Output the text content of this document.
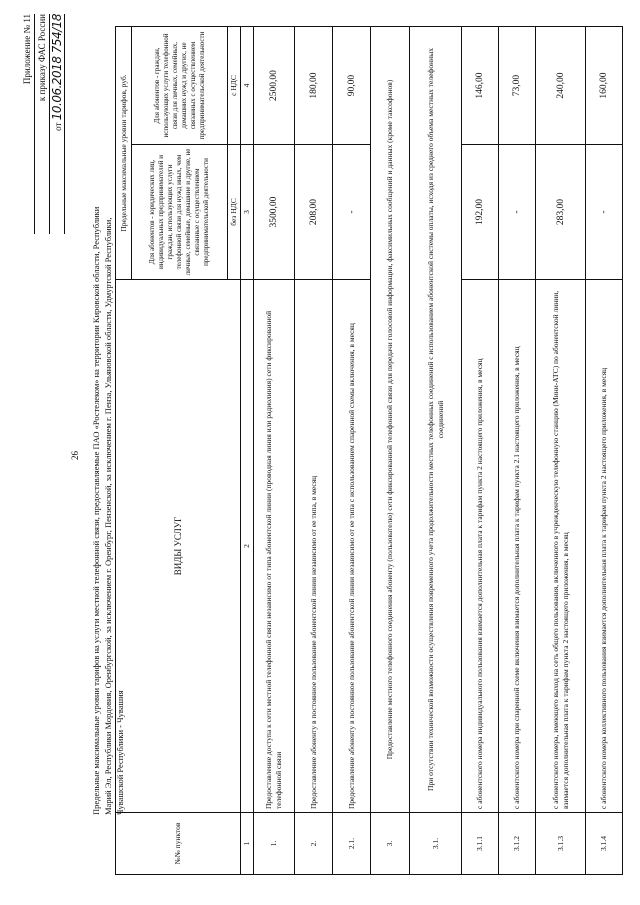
26
Приложение № 11 к приказу ФАС России
от 10.06.2018 754/18
Предельные максимальные уровни тарифов на услуги местной телефонной связи, предоставляемые ПАО «Ростелеком» на территории Кировской области, Республики Марий Эл, Республики Мордовия, Оренбургской, за исключением г. Оренбург, Пензенской, за исключением г. Пенза, Ульяновской области, Удмуртской Республики, Чувашской Республики - Чувашия
№№ пунктов	ВИДЫ УСЛУГ	Предельные максимальные уровни тарифов, руб.	
		Для абонентов - юридических лиц, индивидуальных предпринимателей и граждан, использующих услуги телефонной связи для нужд иных, чем личные, семейные, домашние и другие, не связанные с осуществлением предпринимательской деятельности	Для абонентов - граждан, использующих услуги телефонной связи для личных, семейных, домашних нужд и других, не связанных с осуществлением предпринимательской деятельности
		без НДС	с НДС
1	2	3	4
1.	Предоставление доступа к сети местной телефонной связи независимо от типа абонентской линии (проводная линия или радиолиния) сети фиксированной телефонной связи	3500,00	2500,00
2.	Предоставление абоненту в постоянное пользование абонентской линии независимо от ее типа, в месяц	208,00	180,00
2.1.	Предоставление абоненту в постоянное пользование абонентской линии независимо от ее типа с использованием спаренной схемы включения, в месяц	-	90,00
3.	Предоставление местного телефонного соединения абоненту (пользователю) сети фиксированной телефонной связи для передачи голосовой информации, факсимильных сообщений и данных (кроме таксофонов)		
3.1.	При отсутствии технической возможности осуществления повременного учета продолжительности местных телефонных соединений с использованием абонентской системы оплаты, исходя из среднего объема местных телефонных соединений		
3.1.1	с абонентского номера индивидуального пользования взимается дополнительная плата к тарифам пункта 2 настоящего приложения, в месяц	192,00	146,00
3.1.2	с абонентского номера при спаренной схеме включения взимается дополнительная плата к тарифам пункта 2.1 настоящего приложения, в месяц	-	73,00
3.1.3	с абонентского номера, имеющего выход на сеть общего пользования, включенного в учрежденческую телефонную станцию (Мини-АТС) по абонентской линии, взимается дополнительная плата к тарифам пункта 2 настоящего приложения, в месяц	283,00	240,00
3.1.4	с абонентского номера коллективного пользования взимается дополнительная плата к тарифам пункта 2 настоящего приложения, в месяц	-	160,00
